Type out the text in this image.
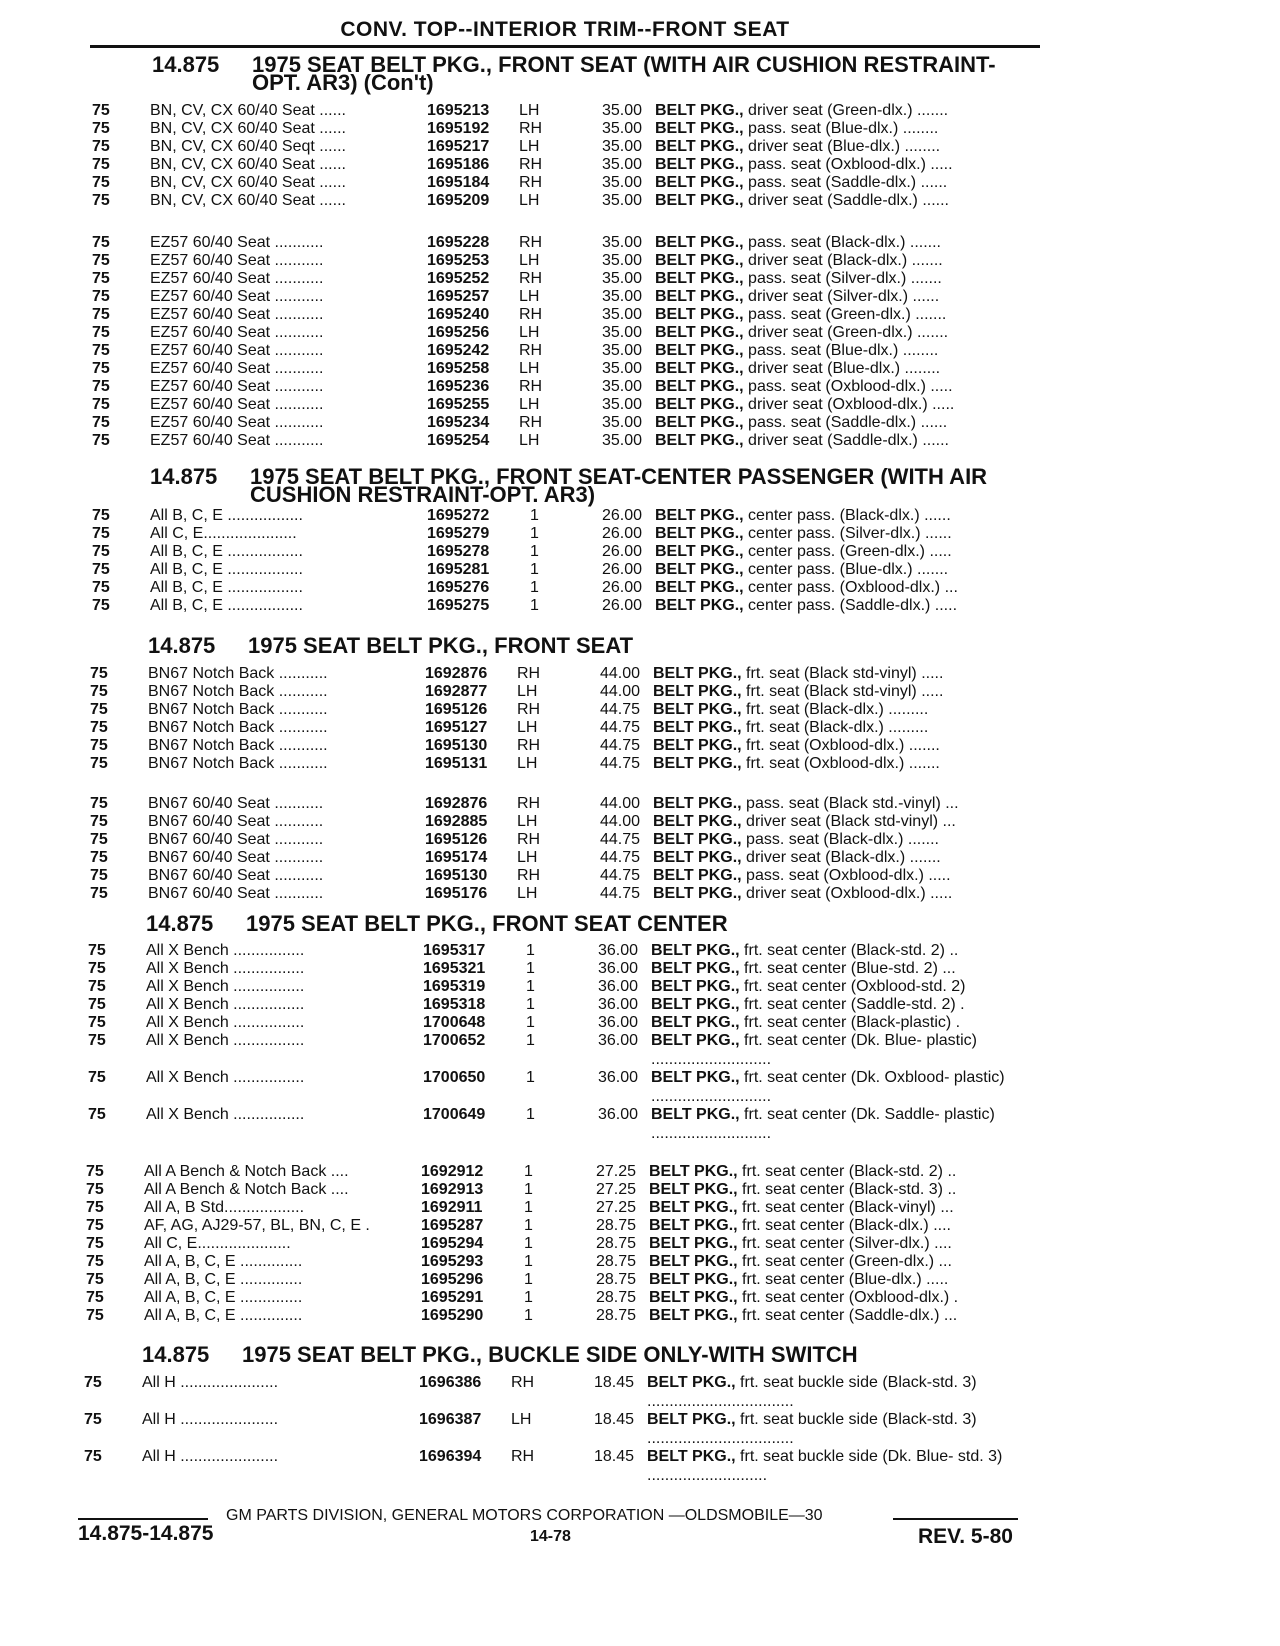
CONV. TOP--INTERIOR TRIM--FRONT SEAT
14.875 1975 SEAT BELT PKG., FRONT SEAT (WITH AIR CUSHION RESTRAINT-
OPT. AR3) (Con't)
14.875 1975 SEAT BELT PKG., FRONT SEAT-CENTER PASSENGER (WITH AIR
CUSHION RESTRAINT-OPT. AR3)
14.875 1975 SEAT BELT PKG., FRONT SEAT
14.875 1975 SEAT BELT PKG., FRONT SEAT CENTER
14.875 1975 SEAT BELT PKG., BUCKLE SIDE ONLY-WITH SWITCH
75	BN, CV, CX 60/40 Seat ......	1695213	LH	35.00 BELT PKG., driver seat (Green-dlx.) .......
75	BN, CV, CX 60/40 Seat ......	1695192	RH	35.00 BELT PKG., pass. seat (Blue-dlx.) ........
75	BN, CV, CX 60/40 Seqt ......	1695217	LH	35.00 BELT PKG., driver seat (Blue-dlx.) ........
75	BN, CV, CX 60/40 Seat ......	1695186	RH	35.00 BELT PKG., pass. seat (Oxblood-dlx.) .....
75	BN, CV, CX 60/40 Seat ......	1695184	RH	35.00 BELT PKG., pass. seat (Saddle-dlx.) ......
75	BN, CV, CX 60/40 Seat ......	1695209	LH	35.00 BELT PKG., driver seat (Saddle-dlx.) ......
75	EZ57 60/40 Seat ...........	1695228	RH	35.00 BELT PKG., pass. seat (Black-dlx.) .......
75	EZ57 60/40 Seat ...........	1695253	LH	35.00 BELT PKG., driver seat (Black-dlx.) .......
75	EZ57 60/40 Seat ...........	1695252	RH	35.00 BELT PKG., pass. seat (Silver-dlx.) .......
75	EZ57 60/40 Seat ...........	1695257	LH	35.00 BELT PKG., driver seat (Silver-dlx.) ......
75	EZ57 60/40 Seat ...........	1695240	RH	35.00 BELT PKG., pass. seat (Green-dlx.) .......
75	EZ57 60/40 Seat ...........	1695256	LH	35.00 BELT PKG., driver seat (Green-dlx.) .......
75	EZ57 60/40 Seat ...........	1695242	RH	35.00 BELT PKG., pass. seat (Blue-dlx.) ........
75	EZ57 60/40 Seat ...........	1695258	LH	35.00 BELT PKG., driver seat (Blue-dlx.) ........
75	EZ57 60/40 Seat ...........	1695236	RH	35.00 BELT PKG., pass. seat (Oxblood-dlx.) .....
75	EZ57 60/40 Seat ...........	1695255	LH	35.00 BELT PKG., driver seat (Oxblood-dlx.) .....
75	EZ57 60/40 Seat ...........	1695234	RH	35.00 BELT PKG., pass. seat (Saddle-dlx.) ......
75	EZ57 60/40 Seat ...........	1695254	LH	35.00 BELT PKG., driver seat (Saddle-dlx.) ......
75	All B, C, E .................	1695272	1	26.00 BELT PKG., center pass. (Black-dlx.) ......
75	All C, E.....................	1695279	1	26.00 BELT PKG., center pass. (Silver-dlx.) ......
75	All B, C, E .................	1695278	1	26.00 BELT PKG., center pass. (Green-dlx.) .....
75	All B, C, E .................	1695281	1	26.00 BELT PKG., center pass. (Blue-dlx.) .......
75	All B, C, E .................	1695276	1	26.00 BELT PKG., center pass. (Oxblood-dlx.) ...
75	All B, C, E .................	1695275	1	26.00 BELT PKG., center pass. (Saddle-dlx.) .....
75	BN67 Notch Back ...........	1692876	RH	44.00 BELT PKG., frt. seat (Black std-vinyl) .....
75	BN67 Notch Back ...........	1692877	LH	44.00 BELT PKG., frt. seat (Black std-vinyl) .....
75	BN67 Notch Back ...........	1695126	RH	44.75 BELT PKG., frt. seat (Black-dlx.) .........
75	BN67 Notch Back ...........	1695127	LH	44.75 BELT PKG., frt. seat (Black-dlx.) .........
75	BN67 Notch Back ...........	1695130	RH	44.75 BELT PKG., frt. seat (Oxblood-dlx.) .......
75	BN67 Notch Back ...........	1695131	LH	44.75 BELT PKG., frt. seat (Oxblood-dlx.) .......
75	BN67 60/40 Seat ...........	1692876	RH	44.00 BELT PKG., pass. seat (Black std.-vinyl) ...
75	BN67 60/40 Seat ...........	1692885	LH	44.00 BELT PKG., driver seat (Black std-vinyl) ...
75	BN67 60/40 Seat ...........	1695126	RH	44.75 BELT PKG., pass. seat (Black-dlx.) .......
75	BN67 60/40 Seat ...........	1695174	LH	44.75 BELT PKG., driver seat (Black-dlx.) .......
75	BN67 60/40 Seat ...........	1695130	RH	44.75 BELT PKG., pass. seat (Oxblood-dlx.) .....
75	BN67 60/40 Seat ...........	1695176	LH	44.75 BELT PKG., driver seat (Oxblood-dlx.) .....
75	All X Bench ................	1695317	1	36.00 BELT PKG., frt. seat center (Black-std. 2) ..
75	All X Bench ................	1695321	1	36.00 BELT PKG., frt. seat center (Blue-std. 2) ...
75	All X Bench ................	1695319	1	36.00 BELT PKG., frt. seat center (Oxblood-std. 2)
75	All X Bench ................	1695318	1	36.00 BELT PKG., frt. seat center (Saddle-std. 2) .
75	All X Bench ................	1700648	1	36.00 BELT PKG., frt. seat center (Black-plastic) .
75	All X Bench ................	1700652	1	36.00 BELT PKG., frt. seat center (Dk. Blue- plastic) ...........................
75	All X Bench ................	1700650	1	36.00 BELT PKG., frt. seat center (Dk. Oxblood- plastic) ...........................
75	All X Bench ................	1700649	1	36.00 BELT PKG., frt. seat center (Dk. Saddle- plastic) ...........................
75	All A Bench & Notch Back ....	1692912	1	27.25 BELT PKG., frt. seat center (Black-std. 2) ..
75	All A Bench & Notch Back ....	1692913	1	27.25 BELT PKG., frt. seat center (Black-std. 3) ..
75	All A, B Std..................	1692911	1	27.25 BELT PKG., frt. seat center (Black-vinyl) ...
75	AF, AG, AJ29-57, BL, BN, C, E .	1695287	1	28.75 BELT PKG., frt. seat center (Black-dlx.) ....
75	All C, E.....................	1695294	1	28.75 BELT PKG., frt. seat center (Silver-dlx.) ....
75	All A, B, C, E ..............	1695293	1	28.75 BELT PKG., frt. seat center (Green-dlx.) ...
75	All A, B, C, E ..............	1695296	1	28.75 BELT PKG., frt. seat center (Blue-dlx.) .....
75	All A, B, C, E ..............	1695291	1	28.75 BELT PKG., frt. seat center (Oxblood-dlx.) .
75	All A, B, C, E ..............	1695290	1	28.75 BELT PKG., frt. seat center (Saddle-dlx.) ...
75	All H ......................	1696386	RH	18.45 BELT PKG., frt. seat buckle side (Black-std. 3) .................................
75	All H ......................	1696387	LH	18.45 BELT PKG., frt. seat buckle side (Black-std. 3) .................................
75	All H ......................	1696394	RH	18.45 BELT PKG., frt. seat buckle side (Dk. Blue- std. 3) ...........................
GM PARTS DIVISION, GENERAL MOTORS CORPORATION —OLDSMOBILE—30
14.875-14.875	14-78	REV. 5-80
